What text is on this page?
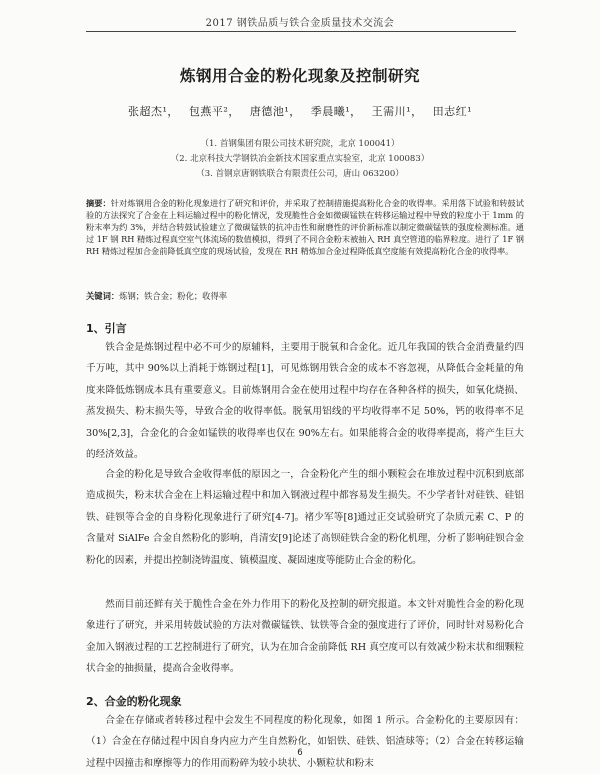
2017 钢铁品质与铁合金质量技术交流会
炼钢用合金的粉化现象及控制研究
张超杰¹， 包燕平²， 唐德池¹， 季晨曦¹， 王需川¹， 田志红¹
（1. 首钢集团有限公司技术研究院，北京 100041）
（2. 北京科技大学钢铁冶金新技术国家重点实验室，北京 100083）
（3. 首钢京唐钢铁联合有限责任公司，唐山 063200）
摘要：针对炼钢用合金的粉化现象进行了研究和评价，并采取了控制措施提高粉化合金的收得率。采用落下试验和转鼓试验的方法探究了合金在上料运输过程中的粉化情况，发现脆性合金如微碳锰铁在转移运输过程中导致的粒度小于 1mm 的粉末率为约 3%，并结合转鼓试验建立了微碳锰铁的抗冲击性和耐磨性的评价新标准以制定微碳锰铁的强度检测标准。通过 1F 钢 RH 精炼过程真空室气体流场的数值模拟，得到了不同合金粉末被抽入 RH 真空管道的临界粒度。进行了 1F 钢 RH 精炼过程加合金前降低真空度的现场试验，发现在 RH 精炼加合金过程降低真空度能有效提高粉化合金的收得率。
关键词：炼钢；铁合金；粉化；收得率
1、引言
铁合金是炼钢过程中必不可少的原辅料，主要用于脱氧和合金化。近几年我国的铁合金消费量约四千万吨，其中 90%以上消耗于炼钢过程[1]，可见炼钢用铁合金的成本不容忽视，从降低合金耗量的角度来降低炼钢成本具有重要意义。目前炼钢用合金在使用过程中均存在各种各样的损失，如氧化烧损、蒸发损失、粉末损失等，导致合金的收得率低。脱氧用铝线的平均收得率不足 50%，钙的收得率不足 30%[2,3]，合金化的合金如锰铁的收得率也仅在 90%左右。如果能将合金的收得率提高，将产生巨大的经济效益。
合金的粉化是导致合金收得率低的原因之一，合金粉化产生的细小颗粒会在堆放过程中沉积到底部造成损失，粉末状合金在上料运输过程中和加入钢液过程中都容易发生损失。不少学者针对硅铁、硅铝铁、硅钡等合金的自身粉化现象进行了研究[4-7]。褚少军等[8]通过正交试验研究了杂质元素 C、P 的含量对 SiAlFe 合金自然粉化的影响，肖清安[9]论述了高钡硅铁合金的粉化机理，分析了影响硅钡合金粉化的因素，并提出控制浇铸温度、镇模温度、凝固速度等能防止合金的粉化。
然而目前还鲜有关于脆性合金在外力作用下的粉化及控制的研究报道。本文针对脆性合金的粉化现象进行了研究，并采用转鼓试验的方法对微碳锰铁、钛铁等合金的强度进行了评价，同时针对易粉化合金加入钢液过程的工艺控制进行了研究，认为在加合金前降低 RH 真空度可以有效减少粉末状和细颗粒状合金的抽损量，提高合金收得率。
2、合金的粉化现象
合金在存储或者转移过程中会发生不同程度的粉化现象，如图 1 所示。合金粉化的主要原因有：（1）合金在存储过程中因自身内应力产生自然粉化，如铝铁、硅铁、铝渣球等；（2）合金在转移运输过程中因撞击和摩擦等力的作用而粉碎为较小块状、小颗粒状和粉末
6
